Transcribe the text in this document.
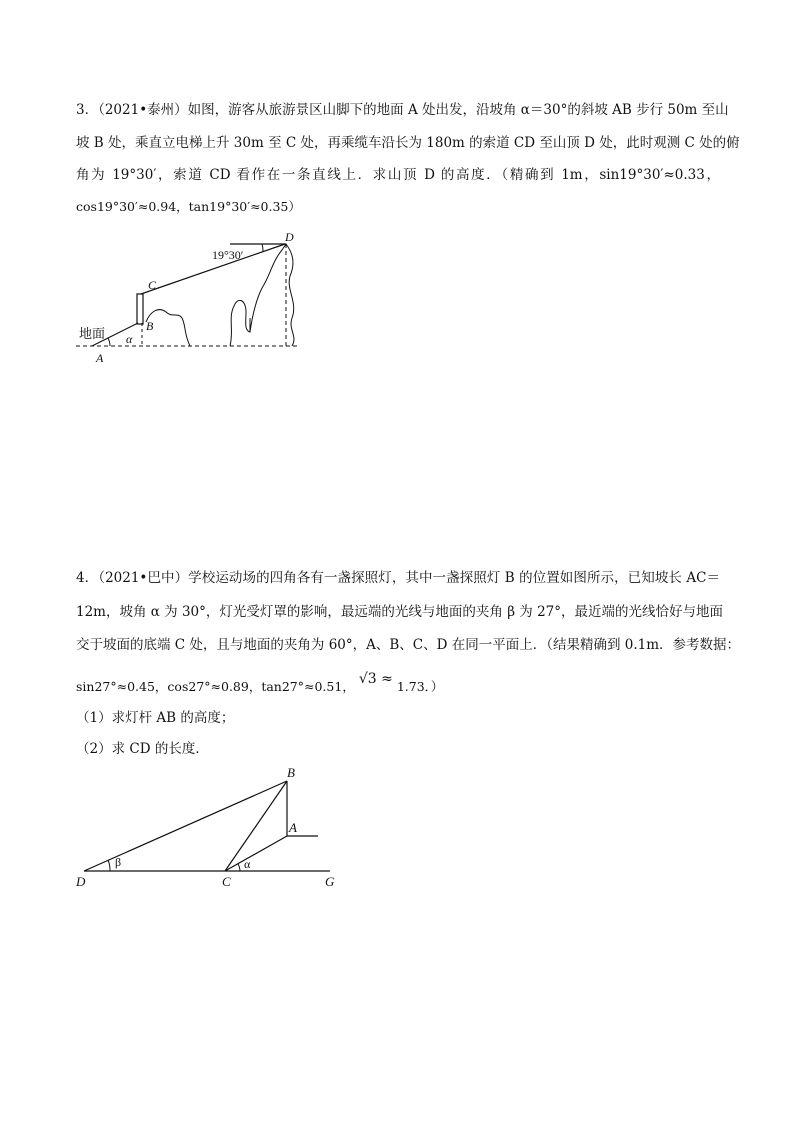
3．（2021•泰州）如图，游客从旅游景区山脚下的地面 A 处出发，沿坡角 α＝30°的斜坡 AB 步行 50m 至山
坡 B 处，乘直立电梯上升 30m 至 C 处，再乘缆车沿长为 180m 的索道 CD 至山顶 D 处，此时观测 C 处的俯
角为 19°30′，索道 CD 看作在一条直线上．求山顶 D 的高度．（精确到 1m，sin19°30′≈0.33，
cos19°30′≈0.94，tan19°30′≈0.35）
19°30′
地面
A
B
C
D
α
4．（2021•巴中）学校运动场的四角各有一盏探照灯，其中一盏探照灯 B 的位置如图所示，已知坡长 AC＝
12m，坡角 α 为 30°，灯光受灯罩的影响，最远端的光线与地面的夹角 β 为 27°，最近端的光线恰好与地面
交于坡面的底端 C 处，且与地面的夹角为 60°，A、B、C、D 在同一平面上．（结果精确到 0.1m．参考数据：
sin27°≈0.45，cos27°≈0.89，tan27°≈0.51， √3 ≈ 1.73．）
（1）求灯杆 AB 的高度；
（2）求 CD 的长度．
D	C	G
B
A
β	α
